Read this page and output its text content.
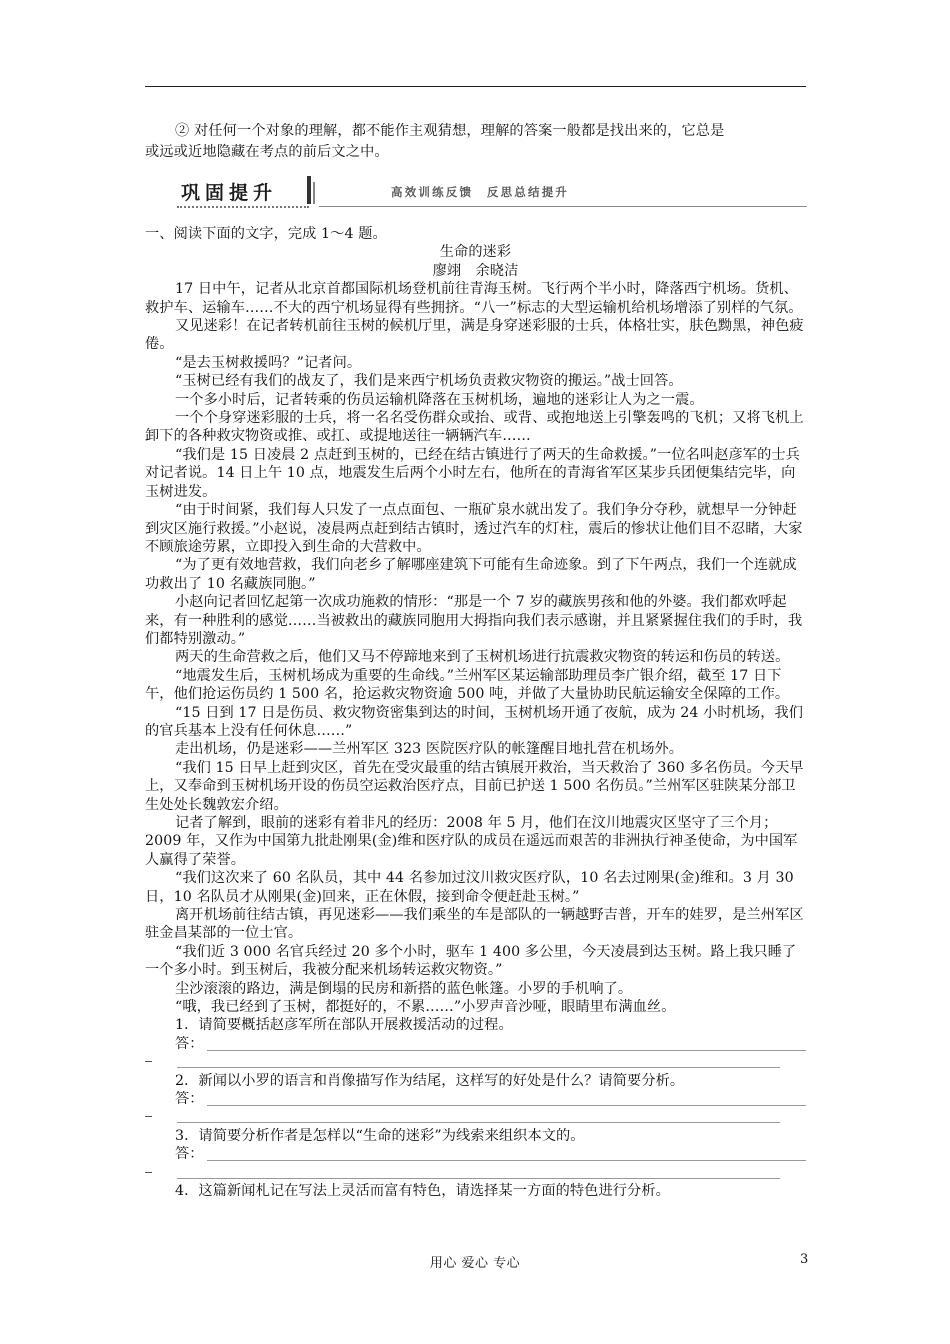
② 对任何一个对象的理解，都不能作主观猜想，理解的答案一般都是找出来的，它总是

或远或近地隐藏在考点的前后文之中。

巩固提升	高效训练反馈　反思总结提升

一、阅读下面的文字，完成 1～4 题。

生命的迷彩

廖翊　余晓洁

17 日中午，记者从北京首都国际机场登机前往青海玉树。飞行两个半小时，降落西宁机场。货机、救护车、运输车……不大的西宁机场显得有些拥挤。“八一”标志的大型运输机给机场增添了别样的气氛。

又见迷彩！在记者转机前往玉树的候机厅里，满是身穿迷彩服的士兵，体格壮实，肤色黝黑，神色疲倦。

“是去玉树救援吗？”记者问。

“玉树已经有我们的战友了，我们是来西宁机场负责救灾物资的搬运。”战士回答。

一个多小时后，记者转乘的伤员运输机降落在玉树机场，遍地的迷彩让人为之一震。

一个个身穿迷彩服的士兵，将一名名受伤群众或抬、或背、或抱地送上引擎轰鸣的飞机；又将飞机上卸下的各种救灾物资或推、或扛、或提地送往一辆辆汽车……

“我们是 15 日凌晨 2 点赶到玉树的，已经在结古镇进行了两天的生命救援。”一位名叫赵彦军的士兵对记者说。14 日上午 10 点，地震发生后两个小时左右，他所在的青海省军区某步兵团便集结完毕，向玉树进发。

“由于时间紧，我们每人只发了一点点面包、一瓶矿泉水就出发了。我们争分夺秒，就想早一分钟赶到灾区施行救援。”小赵说，凌晨两点赶到结古镇时，透过汽车的灯柱，震后的惨状让他们目不忍睹，大家不顾旅途劳累，立即投入到生命的大营救中。

“为了更有效地营救，我们向老乡了解哪座建筑下可能有生命迹象。到了下午两点，我们一个连就成功救出了 10 名藏族同胞。”

小赵向记者回忆起第一次成功施救的情形：“那是一个 7 岁的藏族男孩和他的外婆。我们都欢呼起来，有一种胜利的感觉……当被救出的藏族同胞用大拇指向我们表示感谢，并且紧紧握住我们的手时，我们都特别激动。”

两天的生命营救之后，他们又马不停蹄地来到了玉树机场进行抗震救灾物资的转运和伤员的转送。

“地震发生后，玉树机场成为重要的生命线。”兰州军区某运输部助理员李广银介绍，截至 17 日下午，他们抢运伤员约 1 500 名，抢运救灾物资逾 500 吨，并做了大量协助民航运输安全保障的工作。

“15 日到 17 日是伤员、救灾物资密集到达的时间，玉树机场开通了夜航，成为 24 小时机场，我们的官兵基本上没有任何休息……”

走出机场，仍是迷彩——兰州军区 323 医院医疗队的帐篷醒目地扎营在机场外。

“我们 15 日早上赶到灾区，首先在受灾最重的结古镇展开救治，当天救治了 360 多名伤员。今天早上，又奉命到玉树机场开设的伤员空运救治医疗点，目前已护送 1 500 名伤员。”兰州军区驻陕某分部卫生处处长魏敦宏介绍。

记者了解到，眼前的迷彩有着非凡的经历：2008 年 5 月，他们在汶川地震灾区坚守了三个月；2009 年，又作为中国第九批赴刚果(金)维和医疗队的成员在遥远而艰苦的非洲执行神圣使命，为中国军人赢得了荣誉。

“我们这次来了 60 名队员，其中 44 名参加过汶川救灾医疗队，10 名去过刚果(金)维和。3 月 30 日，10 名队员才从刚果(金)回来，正在休假，接到命令便赶赴玉树。”

离开机场前往结古镇，再见迷彩——我们乘坐的车是部队的一辆越野吉普，开车的娃罗，是兰州军区驻金昌某部的一位士官。

“我们近 3 000 名官兵经过 20 多个小时，驱车 1 400 多公里，今天凌晨到达玉树。路上我只睡了一个多小时。到玉树后，我被分配来机场转运救灾物资。”

尘沙滚滚的路边，满是倒塌的民房和新搭的蓝色帐篷。小罗的手机响了。

“哦，我已经到了玉树，都挺好的，不累……”小罗声音沙哑，眼睛里布满血丝。

1．请简要概括赵彦军所在部队开展救援活动的过程。

答：

2．新闻以小罗的语言和肖像描写作为结尾，这样写的好处是什么？请简要分析。

答：

3．请简要分析作者是怎样以“生命的迷彩”为线索来组织本文的。

答：

4．这篇新闻札记在写法上灵活而富有特色，请选择某一方面的特色进行分析。

用心 爱心 专心	3
